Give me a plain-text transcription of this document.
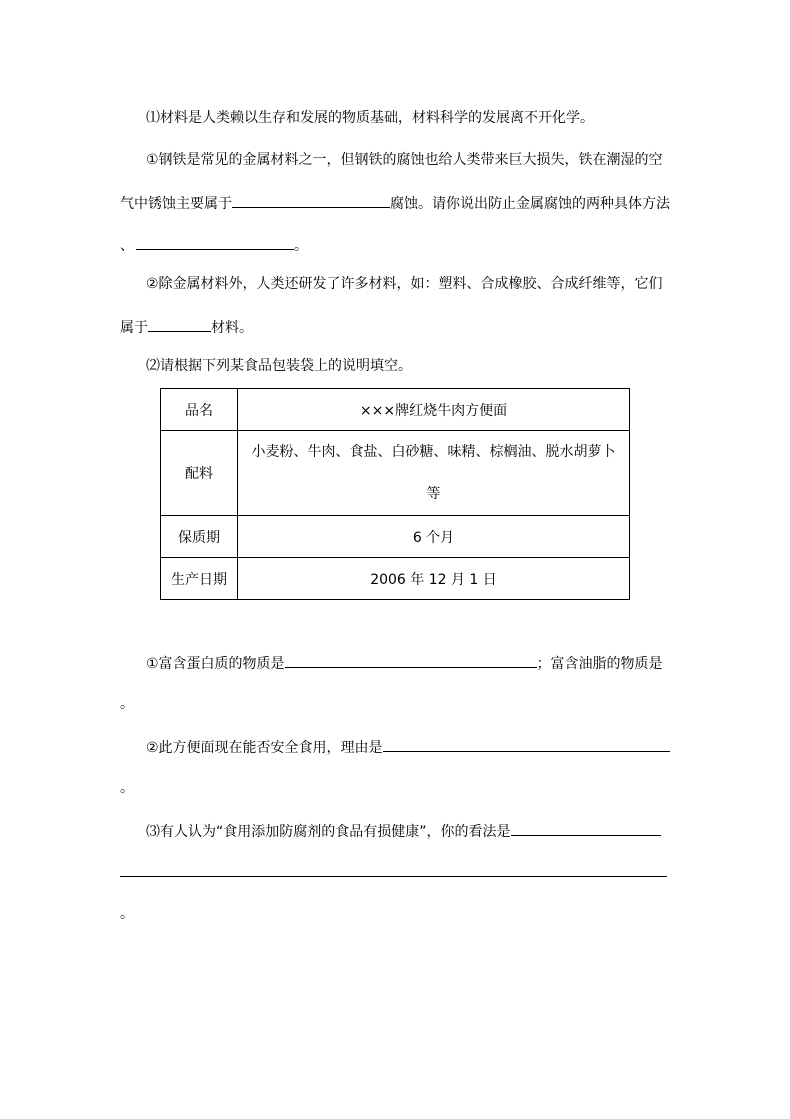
⑴材料是人类赖以生存和发展的物质基础，材料科学的发展离不开化学。
①钢铁是常见的金属材料之一，但钢铁的腐蚀也给人类带来巨大损失，铁在潮湿的空
气中锈蚀主要属于	腐蚀。请你说出防止金属腐蚀的两种具体方法
、	。
②除金属材料外，人类还研发了许多材料，如：塑料、合成橡胶、合成纤维等，它们
属于	材料。
⑵请根据下列某食品包装袋上的说明填空。
品名	×××牌红烧牛肉方便面
配料	小麦粉、牛肉、食盐、白砂糖、味精、棕榈油、脱水胡萝卜
等

保质期	6 个月
生产日期	2006 年 12 月 1 日
①富含蛋白质的物质是	；富含油脂的物质是
。
②此方便面现在能否安全食用，理由是
。
⑶有人认为“食用添加防腐剂的食品有损健康”，你的看法是
。
